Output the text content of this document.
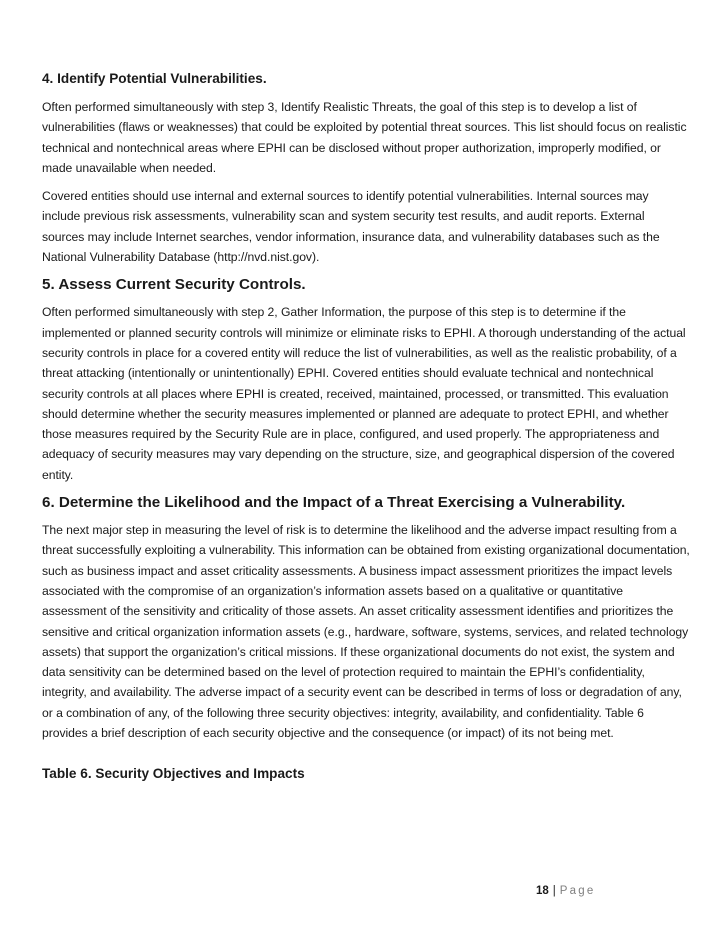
4. Identify Potential Vulnerabilities.

Often performed simultaneously with step 3, Identify Realistic Threats, the goal of this step is to develop a list of vulnerabilities (flaws or weaknesses) that could be exploited by potential threat sources. This list should focus on realistic technical and nontechnical areas where EPHI can be disclosed without proper authorization, improperly modified, or made unavailable when needed.

Covered entities should use internal and external sources to identify potential vulnerabilities. Internal sources may include previous risk assessments, vulnerability scan and system security test results, and audit reports. External sources may include Internet searches, vendor information, insurance data, and vulnerability databases such as the National Vulnerability Database (http://nvd.nist.gov).

5. Assess Current Security Controls.

Often performed simultaneously with step 2, Gather Information, the purpose of this step is to determine if the implemented or planned security controls will minimize or eliminate risks to EPHI. A thorough understanding of the actual security controls in place for a covered entity will reduce the list of vulnerabilities, as well as the realistic probability, of a threat attacking (intentionally or unintentionally) EPHI. Covered entities should evaluate technical and nontechnical security controls at all places where EPHI is created, received, maintained, processed, or transmitted. This evaluation should determine whether the security measures implemented or planned are adequate to protect EPHI, and whether those measures required by the Security Rule are in place, configured, and used properly. The appropriateness and adequacy of security measures may vary depending on the structure, size, and geographical dispersion of the covered entity.

6. Determine the Likelihood and the Impact of a Threat Exercising a Vulnerability.

The next major step in measuring the level of risk is to determine the likelihood and the adverse impact resulting from a threat successfully exploiting a vulnerability. This information can be obtained from existing organizational documentation, such as business impact and asset criticality assessments. A business impact assessment prioritizes the impact levels associated with the compromise of an organization’s information assets based on a qualitative or quantitative assessment of the sensitivity and criticality of those assets. An asset criticality assessment identifies and prioritizes the sensitive and critical organization information assets (e.g., hardware, software, systems, services, and related technology assets) that support the organization’s critical missions. If these organizational documents do not exist, the system and data sensitivity can be determined based on the level of protection required to maintain the EPHI’s confidentiality, integrity, and availability. The adverse impact of a security event can be described in terms of loss or degradation of any, or a combination of any, of the following three security objectives: integrity, availability, and confidentiality. Table 6 provides a brief description of each security objective and the consequence (or impact) of its not being met.

Table 6. Security Objectives and Impacts
18 | Page
